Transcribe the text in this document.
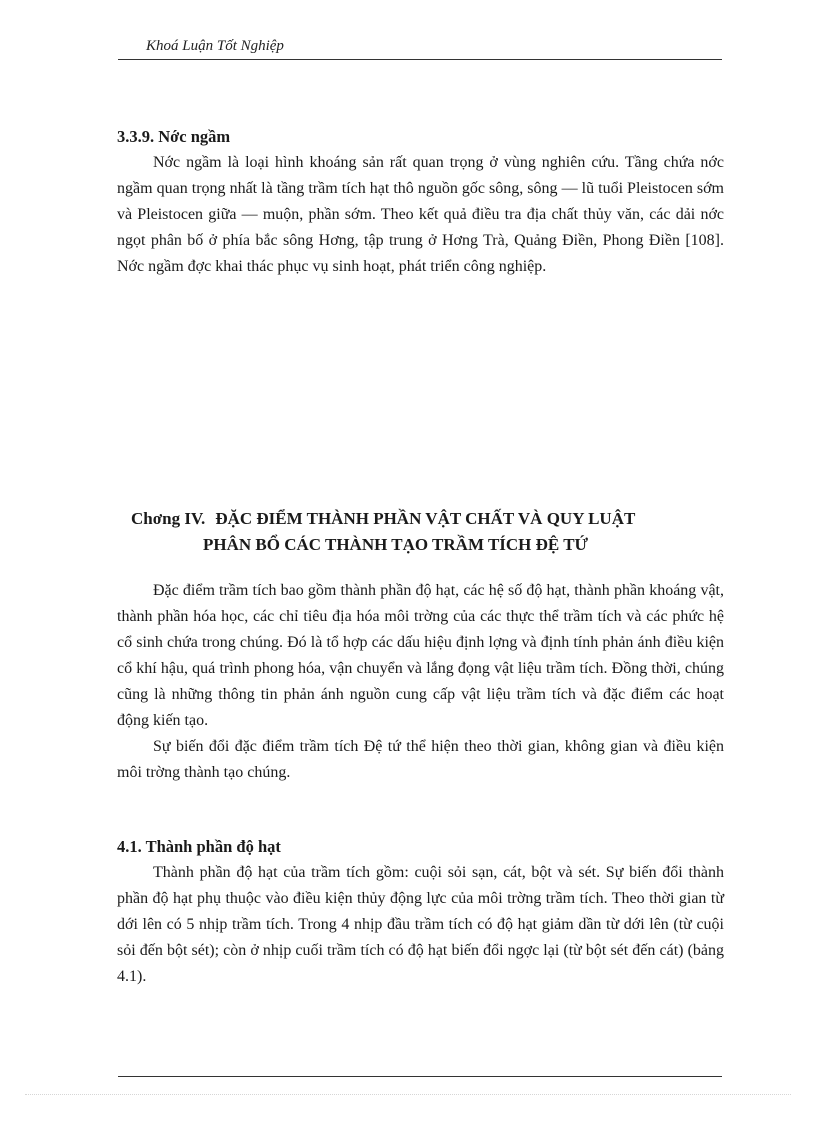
Khoá Luận Tốt Nghiệp
3.3.9. Nớc ngầm

Nớc ngầm là loại hình khoáng sản rất quan trọng ở vùng nghiên cứu. Tầng chứa nớc ngầm quan trọng nhất là tầng trầm tích hạt thô nguồn gốc sông, sông — lũ tuổi Pleistocen sớm và Pleistocen giữa — muộn, phần sớm. Theo kết quả điều tra địa chất thủy văn, các dải nớc ngọt phân bố ở phía bắc sông Hơng, tập trung ở Hơng Trà, Quảng Điền, Phong Điền [108]. Nớc ngầm đợc khai thác phục vụ sinh hoạt, phát triển công nghiệp.

Chơng IV. ĐẶC ĐIỂM THÀNH PHẦN VẬT CHẤT VÀ QUY LUẬT
PHÂN BỔ CÁC THÀNH TẠO TRẦM TÍCH ĐỆ TỨ

Đặc điểm trầm tích bao gồm thành phần độ hạt, các hệ số độ hạt, thành phần khoáng vật, thành phần hóa học, các chỉ tiêu địa hóa môi trờng của các thực thể trầm tích và các phức hệ cổ sinh chứa trong chúng. Đó là tổ hợp các dấu hiệu định lợng và định tính phản ánh điều kiện cổ khí hậu, quá trình phong hóa, vận chuyển và lắng đọng vật liệu trầm tích. Đồng thời, chúng cũng là những thông tin phản ánh nguồn cung cấp vật liệu trầm tích và đặc điểm các hoạt động kiến tạo.

Sự biến đổi đặc điểm trầm tích Đệ tứ thể hiện theo thời gian, không gian và điều kiện môi trờng thành tạo chúng.

4.1. Thành phần độ hạt

Thành phần độ hạt của trầm tích gồm: cuội sỏi sạn, cát, bột và sét. Sự biến đổi thành phần độ hạt phụ thuộc vào điều kiện thủy động lực của môi trờng trầm tích. Theo thời gian từ dới lên có 5 nhịp trầm tích. Trong 4 nhịp đầu trầm tích có độ hạt giảm dần từ dới lên (từ cuội sỏi đến bột sét); còn ở nhịp cuối trầm tích có độ hạt biến đổi ngợc lại (từ bột sét đến cát) (bảng 4.1).
